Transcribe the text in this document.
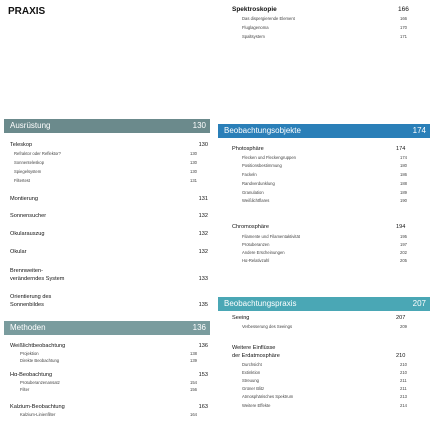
PRAXIS
Ausrüstung	130
Teleskop	130
Refraktor oder Reflektor?	130
Sonnenteleskop	130
Spiegelsystem	130
Filtertest	131
Montierung	131
Sonnensucher	132
Okularauszug	132
Okular	132
Brennweiten-
veränderndes System	133
Orientierung des
Sonnenbildes	135
Methoden	136
Weißlichtbeobachtung	136
Projektion	138
Direkte Beobachtung	139
Hα-Beobachtung	153
Protuberanzenansatz	154
Filter	156
Kalzium-Beobachtung	163
Kalzium-Linienfilter	164
Spektroskopie	166
Das dispergierende Element	166
Fluglagenoma	170
Spaltsystem	171
Beobachtungsobjekte	174
Photosphäre	174
Flecken und Fleckengruppen	174
Positionsbestimmung	180
Fackeln	186
Randverdunklung	188
Granulation	189
Weißlichtflares	190
Chromosphäre	194
Filamente und Filamentaktivität	195
Protuberanzen	197
Andere Erscheinungen	202
Hα-Relativzahl	205
Beobachtungspraxis	207
Seeing	207
Verbesserung des Seeings	209
Weitere Einflüsse
der Erdatmosphäre	210
Durchsicht	210
Extinktion	210
Streuung	211
Grüner Blitz	211
Atmosphärisches Spektrum	213
Weitere Effekte	214
